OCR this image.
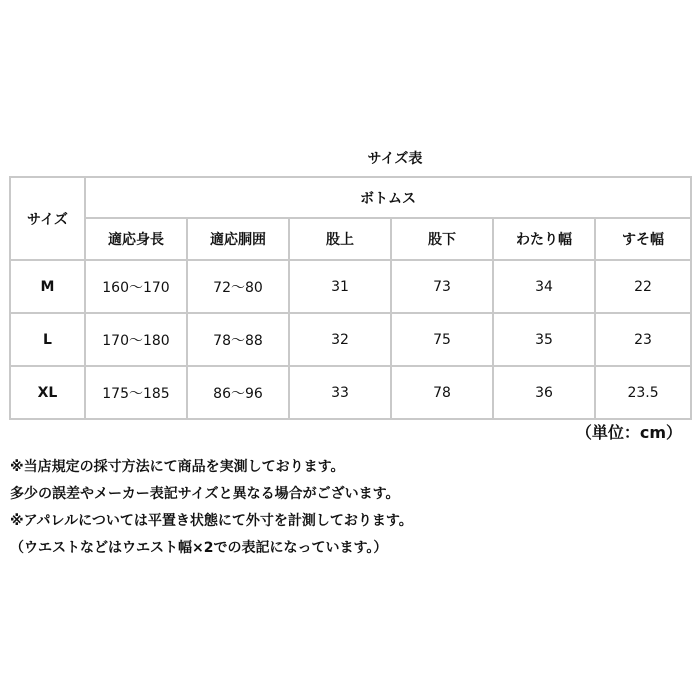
サイズ表
サイズ	ボトムス					
	適応身長	適応胴囲	股上	股下	わたり幅	すそ幅
M	160〜170	72〜80	31	73	34	22
L	170〜180	78〜88	32	75	35	23
XL	175〜185	86〜96	33	78	36	23.5
（単位：cm）
※当店規定の採寸方法にて商品を実測しております。
多少の誤差やメーカー表記サイズと異なる場合がございます。
※アパレルについては平置き状態にて外寸を計測しております。
（ウエストなどはウエスト幅×2での表記になっています。）
